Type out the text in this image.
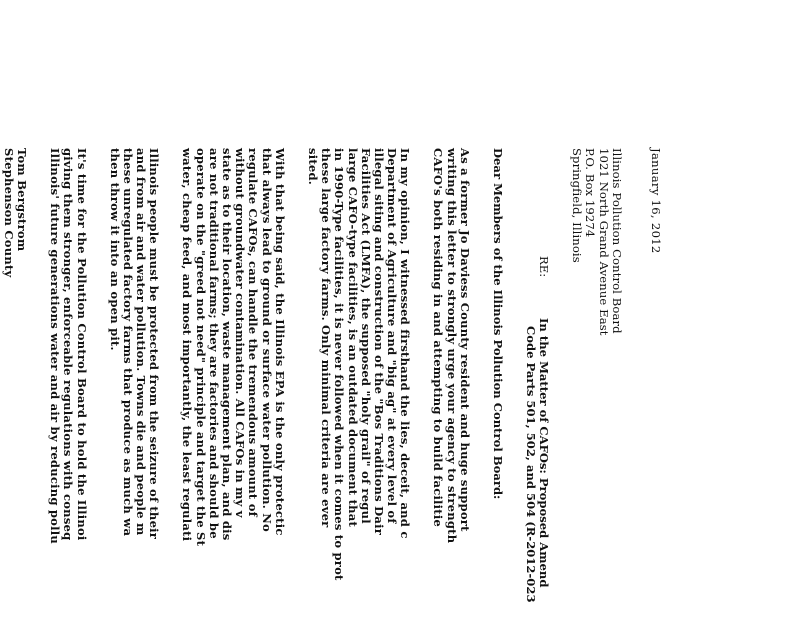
January 16, 2012
Illinois Pollution Control Board
1021 North Grand Avenue East
P.O. Box 19274
Springfield, Illinois
RE:
In the Matter of CAFOs: Proposed Amend
Code Parts 501, 502, and 504 (R-2012-023
Dear Members of the Illinois Pollution Control Board:
As a former Jo Daviess County resident and huge support
writing this letter to strongly urge your agency to strength
CAFO's both residing in and attempting to build facilitie
In my opinion, I witnessed firsthand the lies, deceit, and c
Department of Agriculture and "big ag" at every level of
illegal siting and construction of the "Bos Traditions Dair
Facilities Act (LMFA), the supposed "holy grail" of regul
large CAFO-type facilities, is an outdated document that
in 1990-Type facilities, it is never followed when it comes to prot
these large factory farms. Only minimal criteria are ever
sited.
With that being said, the Illinois EPA is the only protectic
that always lead to ground or surface water pollution. No
regulate CAFOs, can handle the tremendous amount of
without groundwater contamination. All CAFOs in my v
state as to their location, waste management plan, and dis
are not traditional farms; they are factories and should be
operate on the "greed not need" principle and target the St
water, cheap feed, and most importantly, the least regulati
Illinois people must be protected from the seizure of their
and from air and water pollution. Towns die and people m
these unregulated factory farms that produce as much wa
then throw it into an open pit.
It's time for the Pollution Control Board to hold the Illinoi
giving them stronger, enforceable regulations with conseq
Illinois' future generations water and air by reducing pollu
Tom Bergstrom
Stephenson County
